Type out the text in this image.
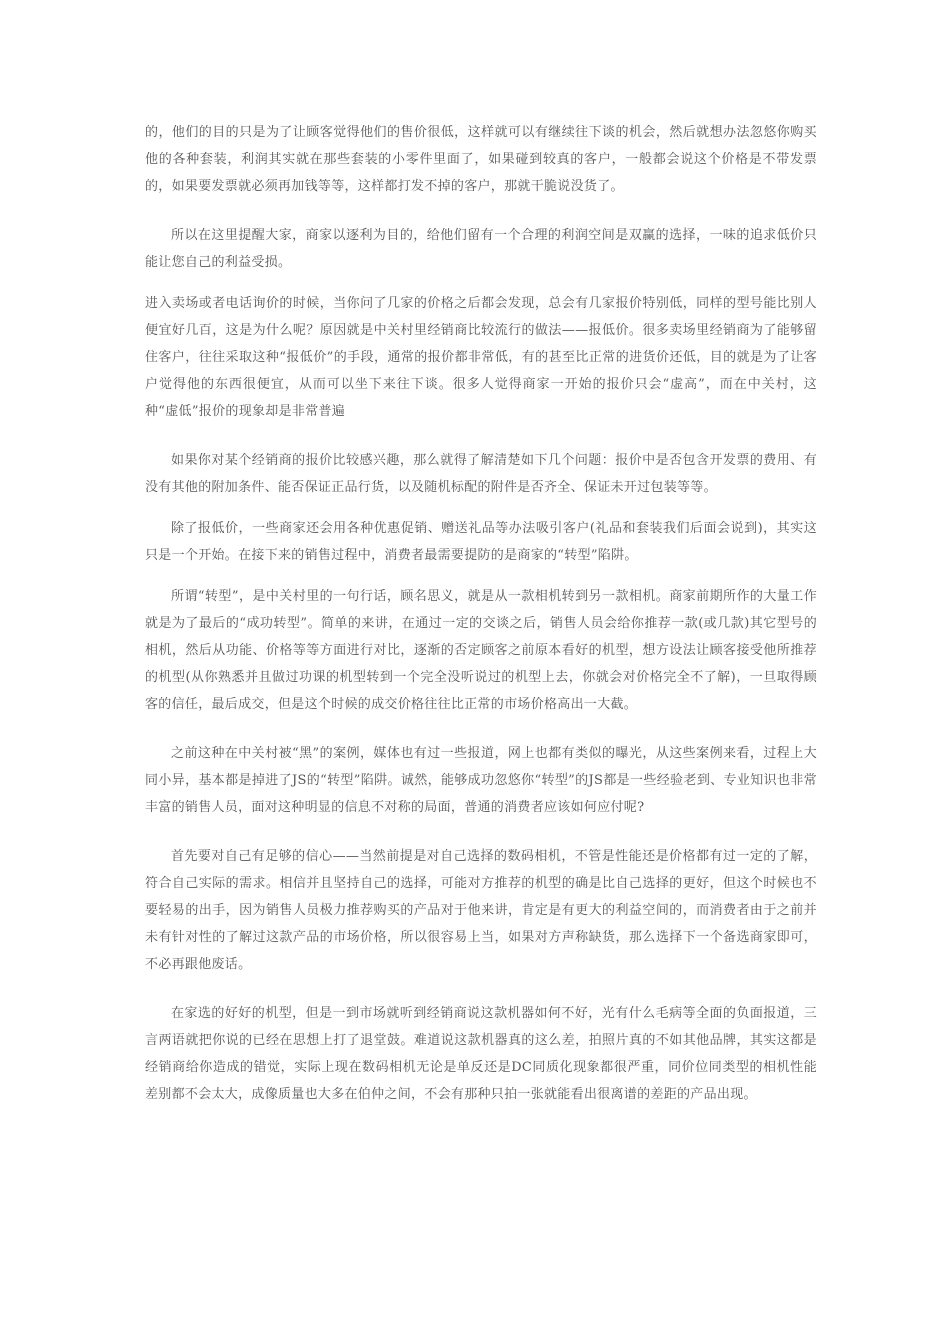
的，他们的目的只是为了让顾客觉得他们的售价很低，这样就可以有继续往下谈的机会，然后就想办法忽悠你购买他的各种套装，利润其实就在那些套装的小零件里面了，如果碰到较真的客户，一般都会说这个价格是不带发票的，如果要发票就必须再加钱等等，这样都打发不掉的客户，那就干脆说没货了。

所以在这里提醒大家，商家以逐利为目的，给他们留有一个合理的利润空间是双赢的选择，一味的追求低价只能让您自己的利益受损。

进入卖场或者电话询价的时候，当你问了几家的价格之后都会发现，总会有几家报价特别低，同样的型号能比别人便宜好几百，这是为什么呢？原因就是中关村里经销商比较流行的做法——报低价。很多卖场里经销商为了能够留住客户，往往采取这种“报低价”的手段，通常的报价都非常低，有的甚至比正常的进货价还低，目的就是为了让客户觉得他的东西很便宜，从而可以坐下来往下谈。很多人觉得商家一开始的报价只会“虚高”，而在中关村，这种“虚低”报价的现象却是非常普遍

如果你对某个经销商的报价比较感兴趣，那么就得了解清楚如下几个问题：报价中是否包含开发票的费用、有没有其他的附加条件、能否保证正品行货，以及随机标配的附件是否齐全、保证未开过包装等等。

除了报低价，一些商家还会用各种优惠促销、赠送礼品等办法吸引客户(礼品和套装我们后面会说到)，其实这只是一个开始。在接下来的销售过程中，消费者最需要提防的是商家的“转型”陷阱。

所谓“转型”，是中关村里的一句行话，顾名思义，就是从一款相机转到另一款相机。商家前期所作的大量工作就是为了最后的“成功转型”。简单的来讲，在通过一定的交谈之后，销售人员会给你推荐一款(或几款)其它型号的相机，然后从功能、价格等等方面进行对比，逐渐的否定顾客之前原本看好的机型，想方设法让顾客接受他所推荐的机型(从你熟悉并且做过功课的机型转到一个完全没听说过的机型上去，你就会对价格完全不了解)，一旦取得顾客的信任，最后成交，但是这个时候的成交价格往往比正常的市场价格高出一大截。

之前这种在中关村被“黑”的案例，媒体也有过一些报道，网上也都有类似的曝光，从这些案例来看，过程上大同小异，基本都是掉进了JS的“转型”陷阱。诚然，能够成功忽悠你“转型”的JS都是一些经验老到、专业知识也非常丰富的销售人员，面对这种明显的信息不对称的局面，普通的消费者应该如何应付呢?

首先要对自己有足够的信心——当然前提是对自己选择的数码相机，不管是性能还是价格都有过一定的了解，符合自己实际的需求。相信并且坚持自己的选择，可能对方推荐的机型的确是比自己选择的更好，但这个时候也不要轻易的出手，因为销售人员极力推荐购买的产品对于他来讲，肯定是有更大的利益空间的，而消费者由于之前并未有针对性的了解过这款产品的市场价格，所以很容易上当，如果对方声称缺货，那么选择下一个备选商家即可，不必再跟他废话。

在家选的好好的机型，但是一到市场就听到经销商说这款机器如何不好，光有什么毛病等全面的负面报道，三言两语就把你说的已经在思想上打了退堂鼓。难道说这款机器真的这么差，拍照片真的不如其他品牌，其实这都是经销商给你造成的错觉，实际上现在数码相机无论是单反还是DC同质化现象都很严重，同价位同类型的相机性能差别都不会太大，成像质量也大多在伯仲之间，不会有那种只拍一张就能看出很离谱的差距的产品出现。
